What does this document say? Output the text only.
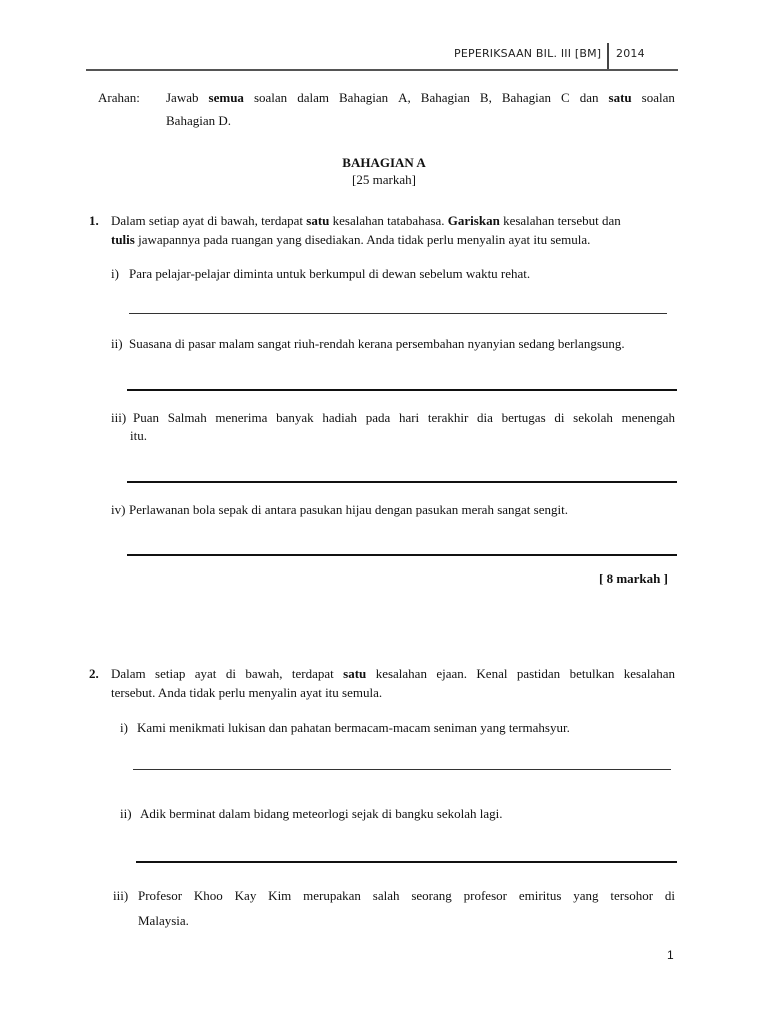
PEPERIKSAAN BIL. III [BM] 2014
Arahan: Jawab semua soalan dalam Bahagian A, Bahagian B, Bahagian C dan satu soalan
Bahagian D.
BAHAGIAN A
[25 markah]
1. Dalam setiap ayat di bawah, terdapat satu kesalahan tatabahasa. Gariskan kesalahan tersebut dan
tulis jawapannya pada ruangan yang disediakan. Anda tidak perlu menyalin ayat itu semula.
i) Para pelajar-pelajar diminta untuk berkumpul di dewan sebelum waktu rehat.
ii) Suasana di pasar malam sangat riuh-rendah kerana persembahan nyanyian sedang berlangsung.
iii) Puan Salmah menerima banyak hadiah pada hari terakhir dia bertugas di sekolah menengah
itu.
iv) Perlawanan bola sepak di antara pasukan hijau dengan pasukan merah sangat sengit.
[ 8 markah ]
2. Dalam setiap ayat di bawah, terdapat satu kesalahan ejaan. Kenal pastidan betulkan kesalahan
tersebut. Anda tidak perlu menyalin ayat itu semula.
i) Kami menikmati lukisan dan pahatan bermacam-macam seniman yang termahsyur.
ii) Adik berminat dalam bidang meteorlogi sejak di bangku sekolah lagi.
iii) Profesor Khoo Kay Kim merupakan salah seorang profesor emiritus yang tersohor di
Malaysia.
1
